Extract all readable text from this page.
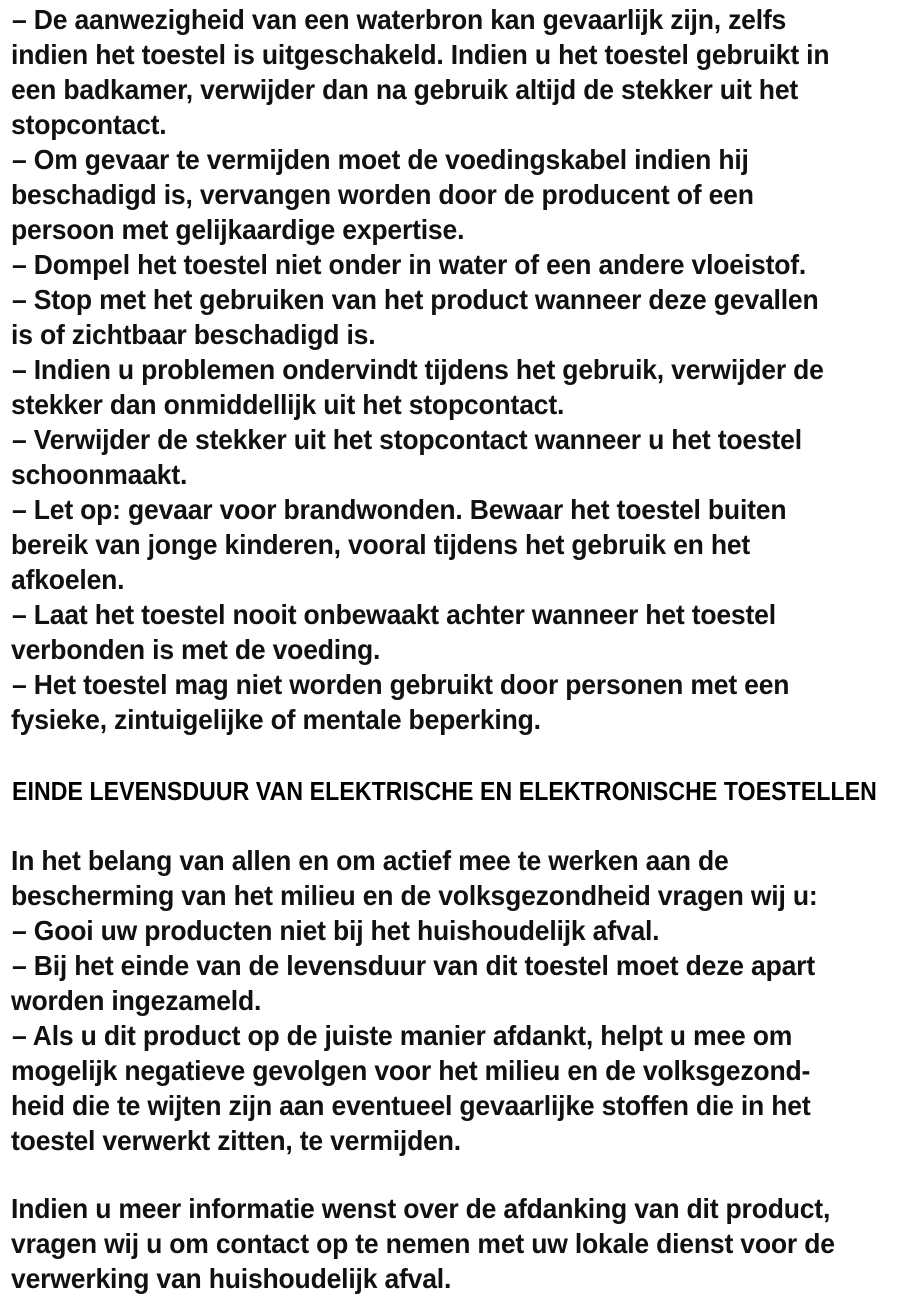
– De aanwezigheid van een waterbron kan gevaarlijk zijn, zelfs
indien het toestel is uitgeschakeld. Indien u het toestel gebruikt in
een badkamer, verwijder dan na gebruik altijd de stekker uit het
stopcontact.
– Om gevaar te vermijden moet de voedingskabel indien hij
beschadigd is, vervangen worden door de producent of een
persoon met gelijkaardige expertise.
– Dompel het toestel niet onder in water of een andere vloeistof.
– Stop met het gebruiken van het product wanneer deze gevallen
is of zichtbaar beschadigd is.
– Indien u problemen ondervindt tijdens het gebruik, verwijder de
stekker dan onmiddellijk uit het stopcontact.
– Verwijder de stekker uit het stopcontact wanneer u het toestel
schoonmaakt.
– Let op: gevaar voor brandwonden. Bewaar het toestel buiten
bereik van jonge kinderen, vooral tijdens het gebruik en het
afkoelen.
– Laat het toestel nooit onbewaakt achter wanneer het toestel
verbonden is met de voeding.
– Het toestel mag niet worden gebruikt door personen met een
fysieke, zintuigelijke of mentale beperking.
EINDE LEVENSDUUR VAN ELEKTRISCHE EN ELEKTRONISCHE TOESTELLEN
In het belang van allen en om actief mee te werken aan de
bescherming van het milieu en de volksgezondheid vragen wij u:
– Gooi uw producten niet bij het huishoudelijk afval.
– Bij het einde van de levensduur van dit toestel moet deze apart
worden ingezameld.
– Als u dit product op de juiste manier afdankt, helpt u mee om
mogelijk negatieve gevolgen voor het milieu en de volksgezond-
heid die te wijten zijn aan eventueel gevaarlijke stoffen die in het
toestel verwerkt zitten, te vermijden.
Indien u meer informatie wenst over de afdanking van dit product,
vragen wij u om contact op te nemen met uw lokale dienst voor de
verwerking van huishoudelijk afval.
